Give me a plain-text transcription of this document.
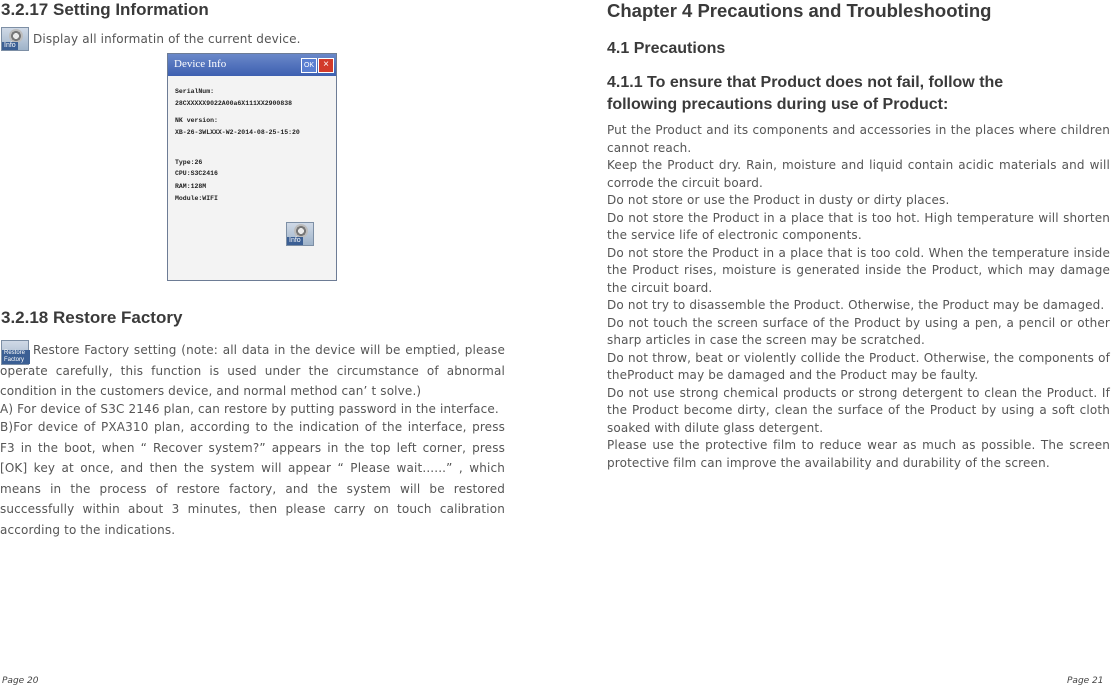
3.2.17 Setting Information
Info Display all informatin of the current device.

Device Info	OK ×
SerialNum:
28CXXXXX9022A00a6X111XX2900838
NK version:
XB-26-3WLXXX-W2-2014-08-25-15:20
Type:26
CPU:S3C2416
RAM:128M
Module:WIFI
Info
3.2.18 Restore Factory
Restore Factory

Restore Factory setting (note: all data in the device will be emptied, please operate carefully, this function is used under the circumstance of abnormal condition in the customers device, and normal method can’ t solve.)

A) For device of S3C 2146 plan, can restore by putting password in the interface.

B)For device of PXA310 plan, according to the indication of the interface, press F3 in the boot, when “ Recover system?” appears in the top left corner, press [OK] key at once, and then the system will appear “ Please wait......” , which means in the process of restore factory, and the system will be restored successfully within about 3 minutes, then please carry on touch calibration according to the indications.

Page 20
Chapter 4 Precautions and Troubleshooting
4.1 Precautions
4.1.1 To ensure that Product does not fail, follow the following precautions during use of Product:
Put the Product and its components and accessories in the places where children cannot reach.
Keep the Product dry. Rain, moisture and liquid contain acidic materials and will corrode the circuit board.
Do not store or use the Product in dusty or dirty places.
Do not store the Product in a place that is too hot. High temperature will shorten the service life of electronic components.
Do not store the Product in a place that is too cold. When the temperature inside the Product rises, moisture is generated inside the Product, which may damage the circuit board.
Do not try to disassemble the Product. Otherwise, the Product may be damaged.
Do not touch the screen surface of the Product by using a pen, a pencil or other sharp articles in case the screen may be scratched.
Do not throw, beat or violently collide the Product. Otherwise, the components of theProduct may be damaged and the Product may be faulty.
Do not use strong chemical products or strong detergent to clean the Product. If the Product become dirty, clean the surface of the Product by using a soft cloth soaked with dilute glass detergent.
Please use the protective film to reduce wear as much as possible. The screen protective film can improve the availability and durability of the screen.
Page 21
